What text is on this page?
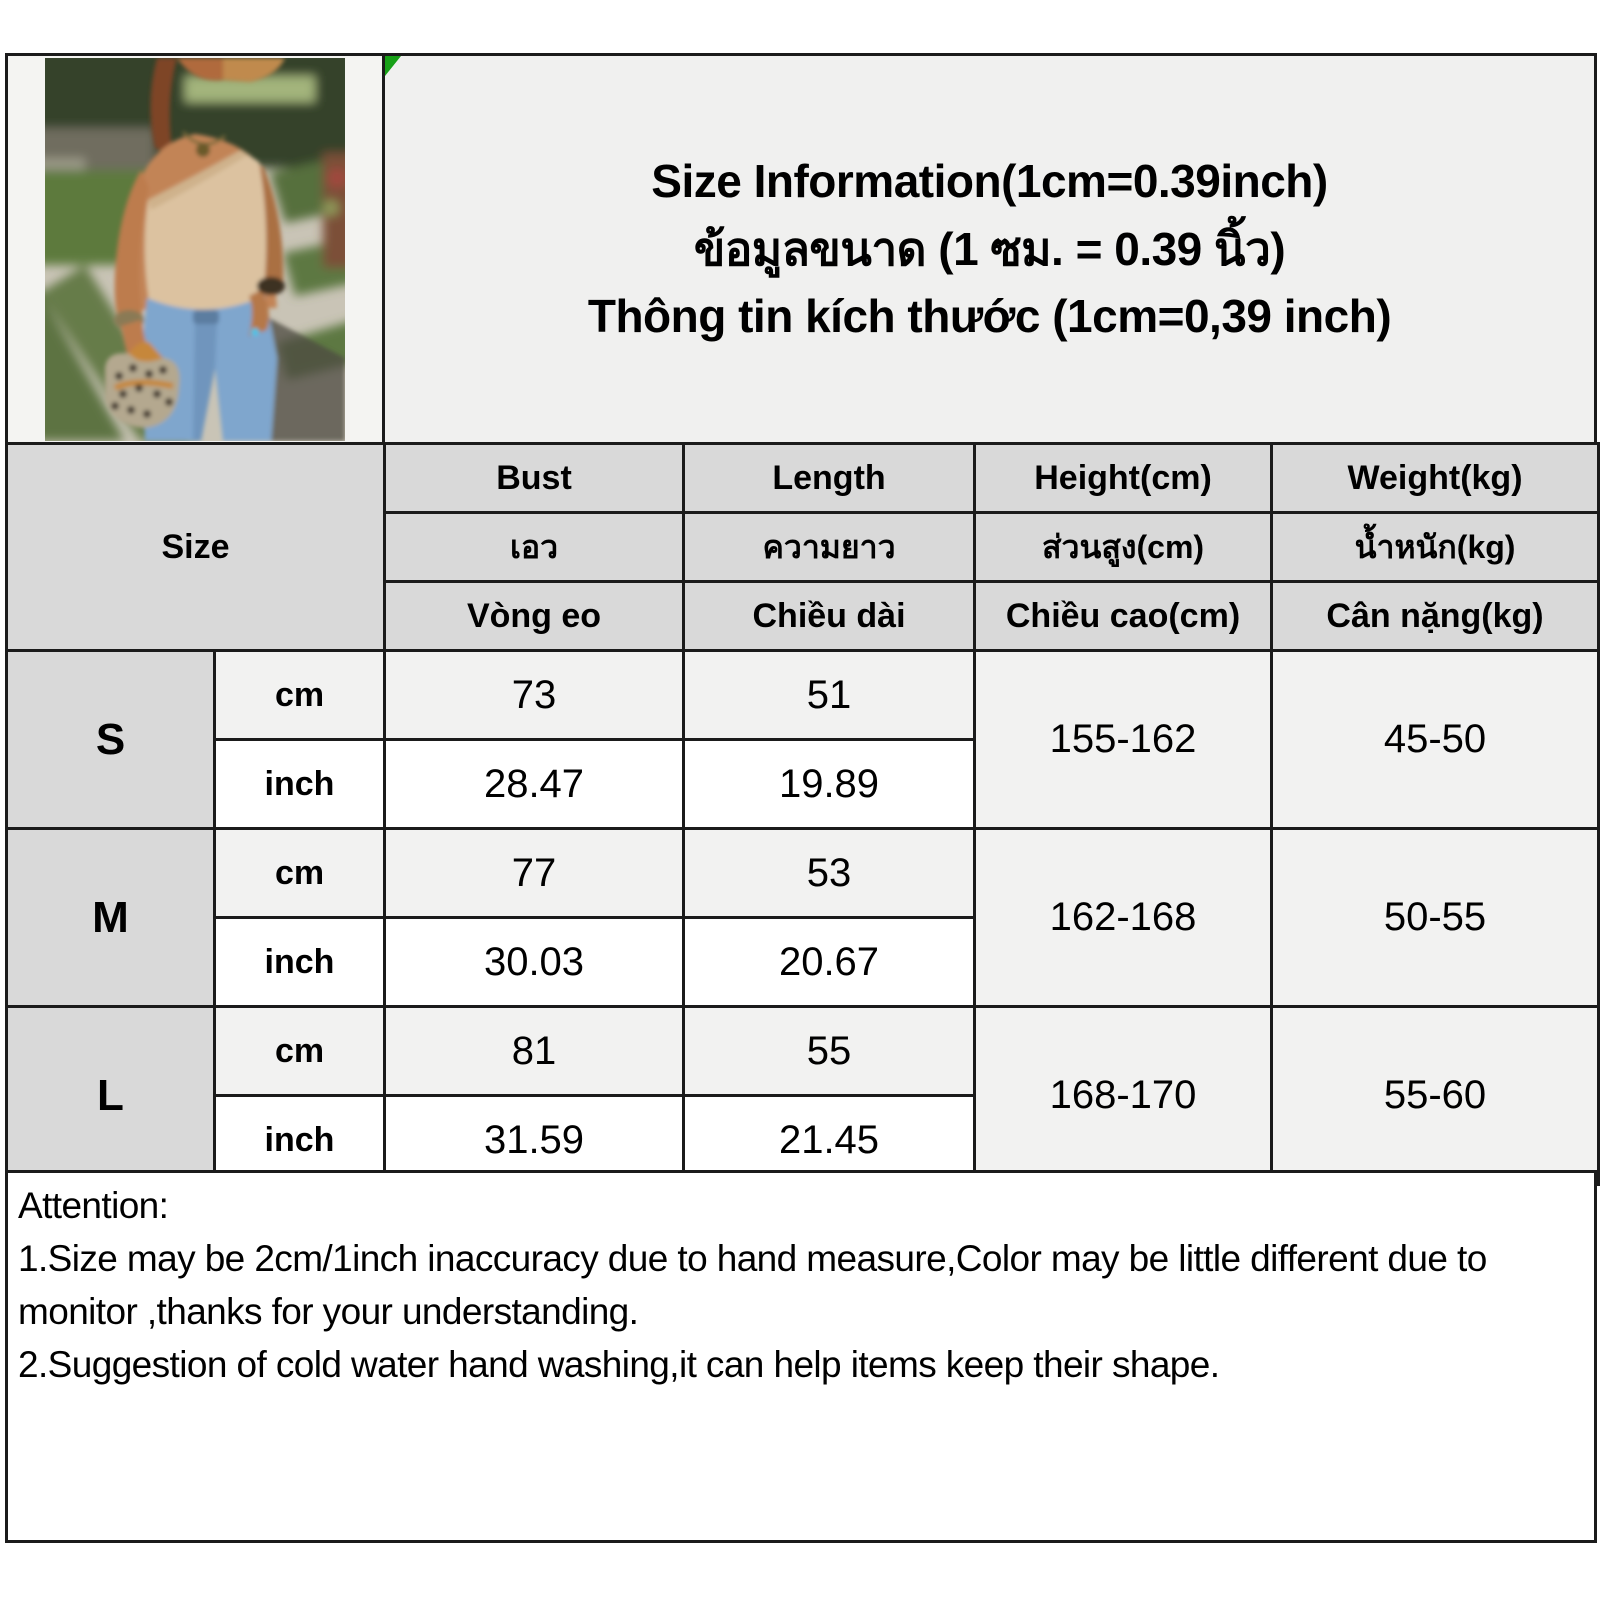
Size Information(1cm=0.39inch)
ข้อมูลขนาด (1 ซม. = 0.39 นิ้ว)
Thông tin kích thước (1cm=0,39 inch)
Size		Bust	Length	Height(cm)	Weight(kg)
		เอว	ความยาว	ส่วนสูง(cm)	น้ำหนัก(kg)
		Vòng eo	Chiều dài	Chiều cao(cm)	Cân nặng(kg)
S	cm	73	51	155-162	45-50
	inch	28.47	19.89		
M	cm	77	53	162-168	50-55
	inch	30.03	20.67		
L	cm	81	55	168-170	55-60
	inch	31.59	21.45		

Attention:

1.Size may be 2cm/1inch inaccuracy due to hand measure,Color may be little different due to monitor ,thanks for your understanding.

2.Suggestion of cold water hand washing,it can help items keep their shape.
